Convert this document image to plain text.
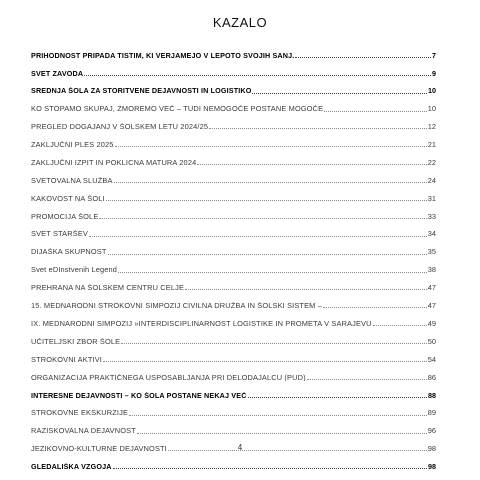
KAZALO
PRIHODNOST PRIPADA TISTIM, KI VERJAMEJO V LEPOTO SVOJIH SANJ.	7
SVET ZAVODA	9
SREDNJA ŠOLA ZA STORITVENE DEJAVNOSTI IN LOGISTIKO	10
KO STOPAMO SKUPAJ, ZMOREMO VEČ – TUDI NEMOGOČE POSTANE MOGOČE	10
PREGLED DOGAJANJ V ŠOLSKEM LETU 2024/25	12
ZAKLJUČNI PLES 2025	21
ZAKLJUČNI IZPIT IN POKLICNA MATURA 2024	22
SVETOVALNA SLUŽBA	24
KAKOVOST NA ŠOLI	31
PROMOCIJA ŠOLE	33
SVET STARŠEV	34
DIJAŠKA SKUPNOST	35
Svet eDInstvenih Legend	38
PREHRANA NA ŠOLSKEM CENTRU CELJE	47
15. MEDNARODNI STROKOVNI SIMPOZIJ CIVILNA DRUŽBA IN ŠOLSKI SISTEM –	47
IX. MEDNARODNI SIMPOZIJ »INTERDISCIPLINARNOST LOGISTIKE IN PROMETA V SARAJEVU	49
UČITELJSKI ZBOR ŠOLE	50
STROKOVNI AKTIVI	54
ORGANIZACIJA PRAKTIČNEGA USPOSABLJANJA PRI DELODAJALCU (PUD)	86
INTERESNE DEJAVNOSTI – KO ŠOLA POSTANE NEKAJ VEČ	88
STROKOVNE EKSKURZIJE	89
RAZISKOVALNA DEJAVNOST	96
JEZIKOVNO-KULTURNE DEJAVNOSTI	98
GLEDALIŠKA VZGOJA	98
4
